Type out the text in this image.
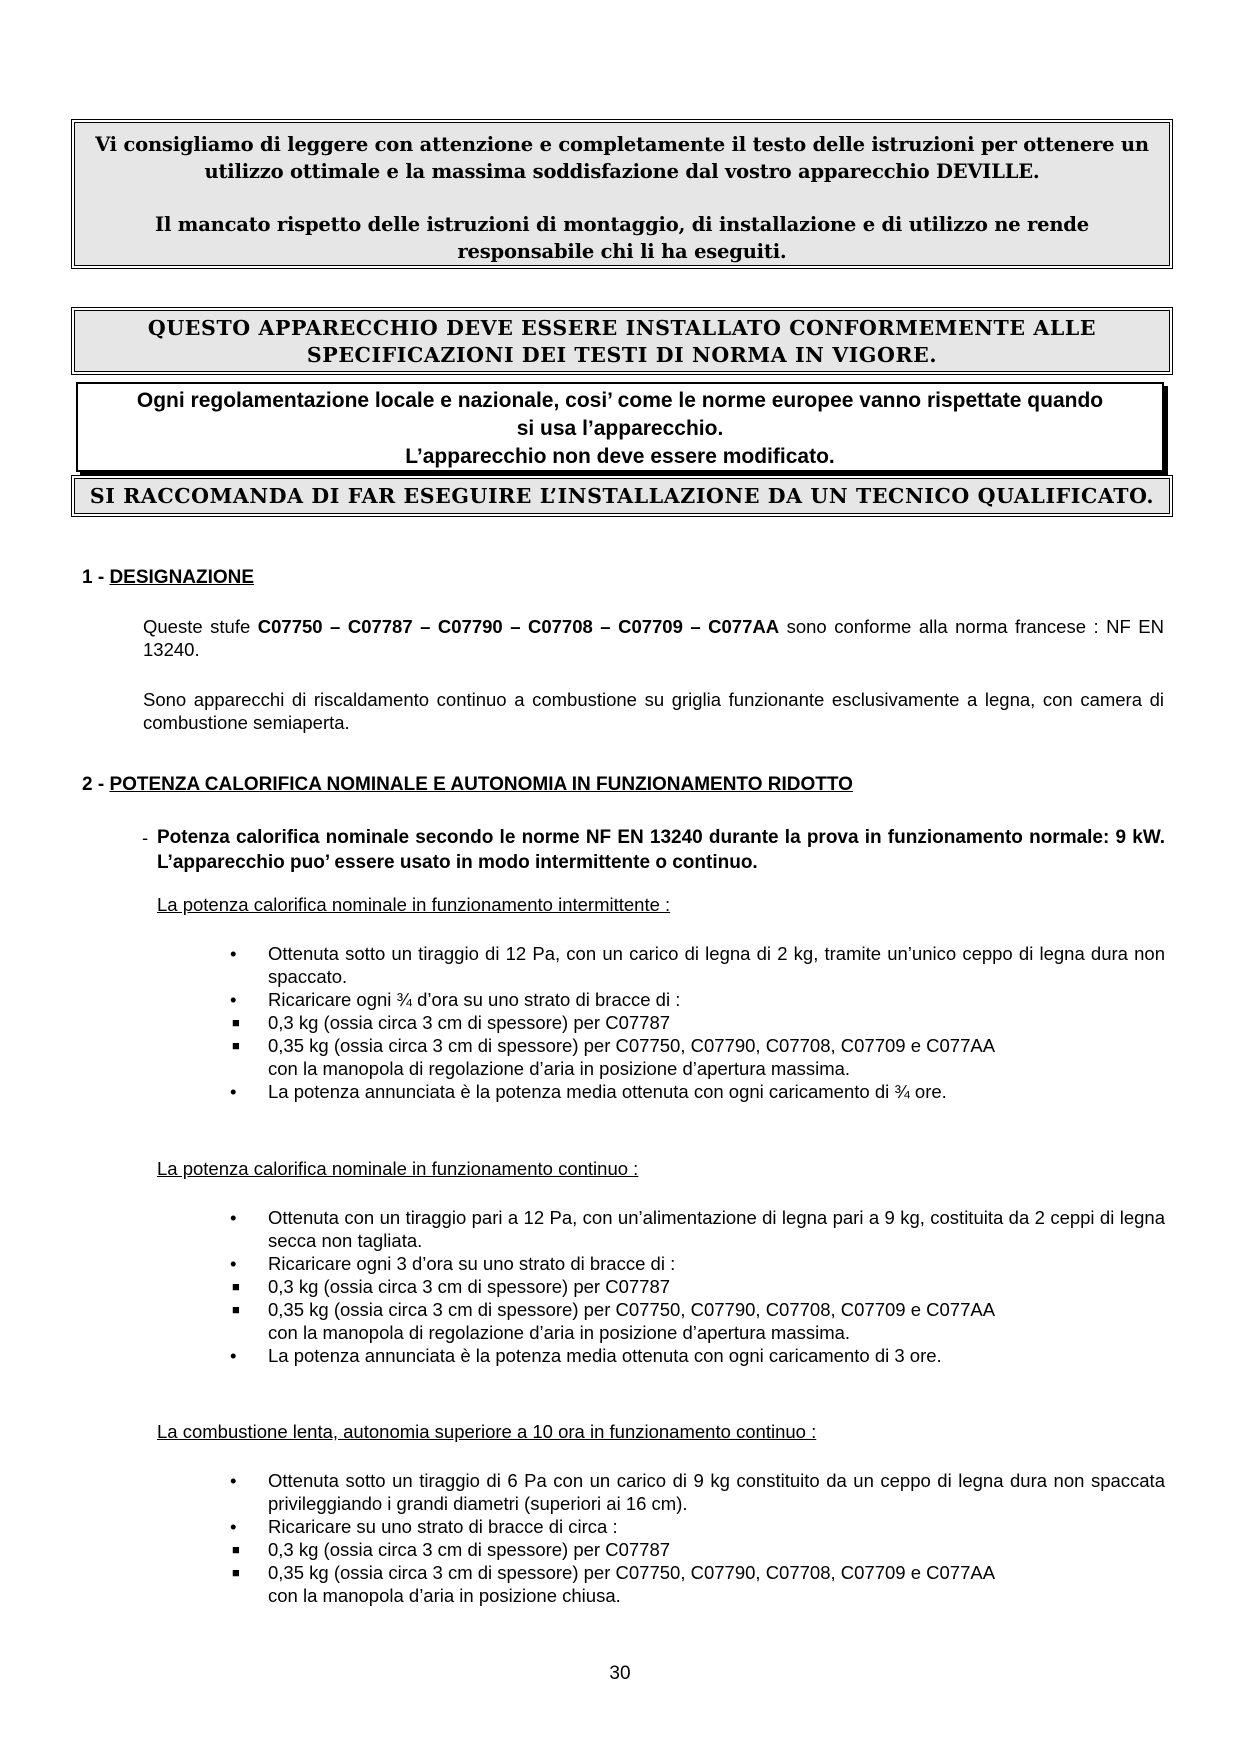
Vi consigliamo di leggere con attenzione e completamente il testo delle istruzioni per ottenere un utilizzo ottimale e la massima soddisfazione dal vostro apparecchio DEVILLE.

Il mancato rispetto delle istruzioni di montaggio, di installazione e di utilizzo ne rende responsabile chi li ha eseguiti.

QUESTO APPARECCHIO DEVE ESSERE INSTALLATO CONFORMEMENTE ALLE
SPECIFICAZIONI DEI TESTI DI NORMA IN VIGORE.
Ogni regolamentazione locale e nazionale, cosi’ come le norme europee vanno rispettate quando
si usa l’apparecchio.
L’apparecchio non deve essere modificato.
SI RACCOMANDA DI FAR ESEGUIRE L’INSTALLAZIONE DA UN TECNICO QUALIFICATO.
1 - DESIGNAZIONE
Queste stufe C07750 – C07787 – C07790 – C07708 – C07709 – C077AA sono conforme alla norma francese : NF EN 13240.
Sono apparecchi di riscaldamento continuo a combustione su griglia funzionante esclusivamente a legna, con camera di combustione semiaperta.
2 - POTENZA CALORIFICA NOMINALE E AUTONOMIA IN FUNZIONAMENTO RIDOTTO
- Potenza calorifica nominale secondo le norme NF EN 13240 durante la prova in funzionamento normale: 9 kW. L’apparecchio puo’ essere usato in modo intermittente o continuo.
La potenza calorifica nominale in funzionamento intermittente :
• Ottenuta sotto un tiraggio di 12 Pa, con un carico di legna di 2 kg, tramite un’unico ceppo di legna dura non spaccato.
• Ricaricare ogni ¾ d’ora su uno strato di bracce di :
■ 0,3 kg (ossia circa 3 cm di spessore) per C07787
■ 0,35 kg (ossia circa 3 cm di spessore) per C07750, C07790, C07708, C07709 e C077AA
con la manopola di regolazione d’aria in posizione d’apertura massima.
• La potenza annunciata è la potenza media ottenuta con ogni caricamento di ¾ ore.
La potenza calorifica nominale in funzionamento continuo :
• Ottenuta con un tiraggio pari a 12 Pa, con un’alimentazione di legna pari a 9 kg, costituita da 2 ceppi di legna secca non tagliata.
• Ricaricare ogni 3 d’ora su uno strato di bracce di :
■ 0,3 kg (ossia circa 3 cm di spessore) per C07787
■ 0,35 kg (ossia circa 3 cm di spessore) per C07750, C07790, C07708, C07709 e C077AA
con la manopola di regolazione d’aria in posizione d’apertura massima.
• La potenza annunciata è la potenza media ottenuta con ogni caricamento di 3 ore.
La combustione lenta, autonomia superiore a 10 ora in funzionamento continuo :
• Ottenuta sotto un tiraggio di 6 Pa con un carico di 9 kg constituito da un ceppo di legna dura non spaccata privileggiando i grandi diametri (superiori ai 16 cm).
• Ricaricare su uno strato di bracce di circa :
■ 0,3 kg (ossia circa 3 cm di spessore) per C07787
■ 0,35 kg (ossia circa 3 cm di spessore) per C07750, C07790, C07708, C07709 e C077AA
con la manopola d’aria in posizione chiusa.
30
